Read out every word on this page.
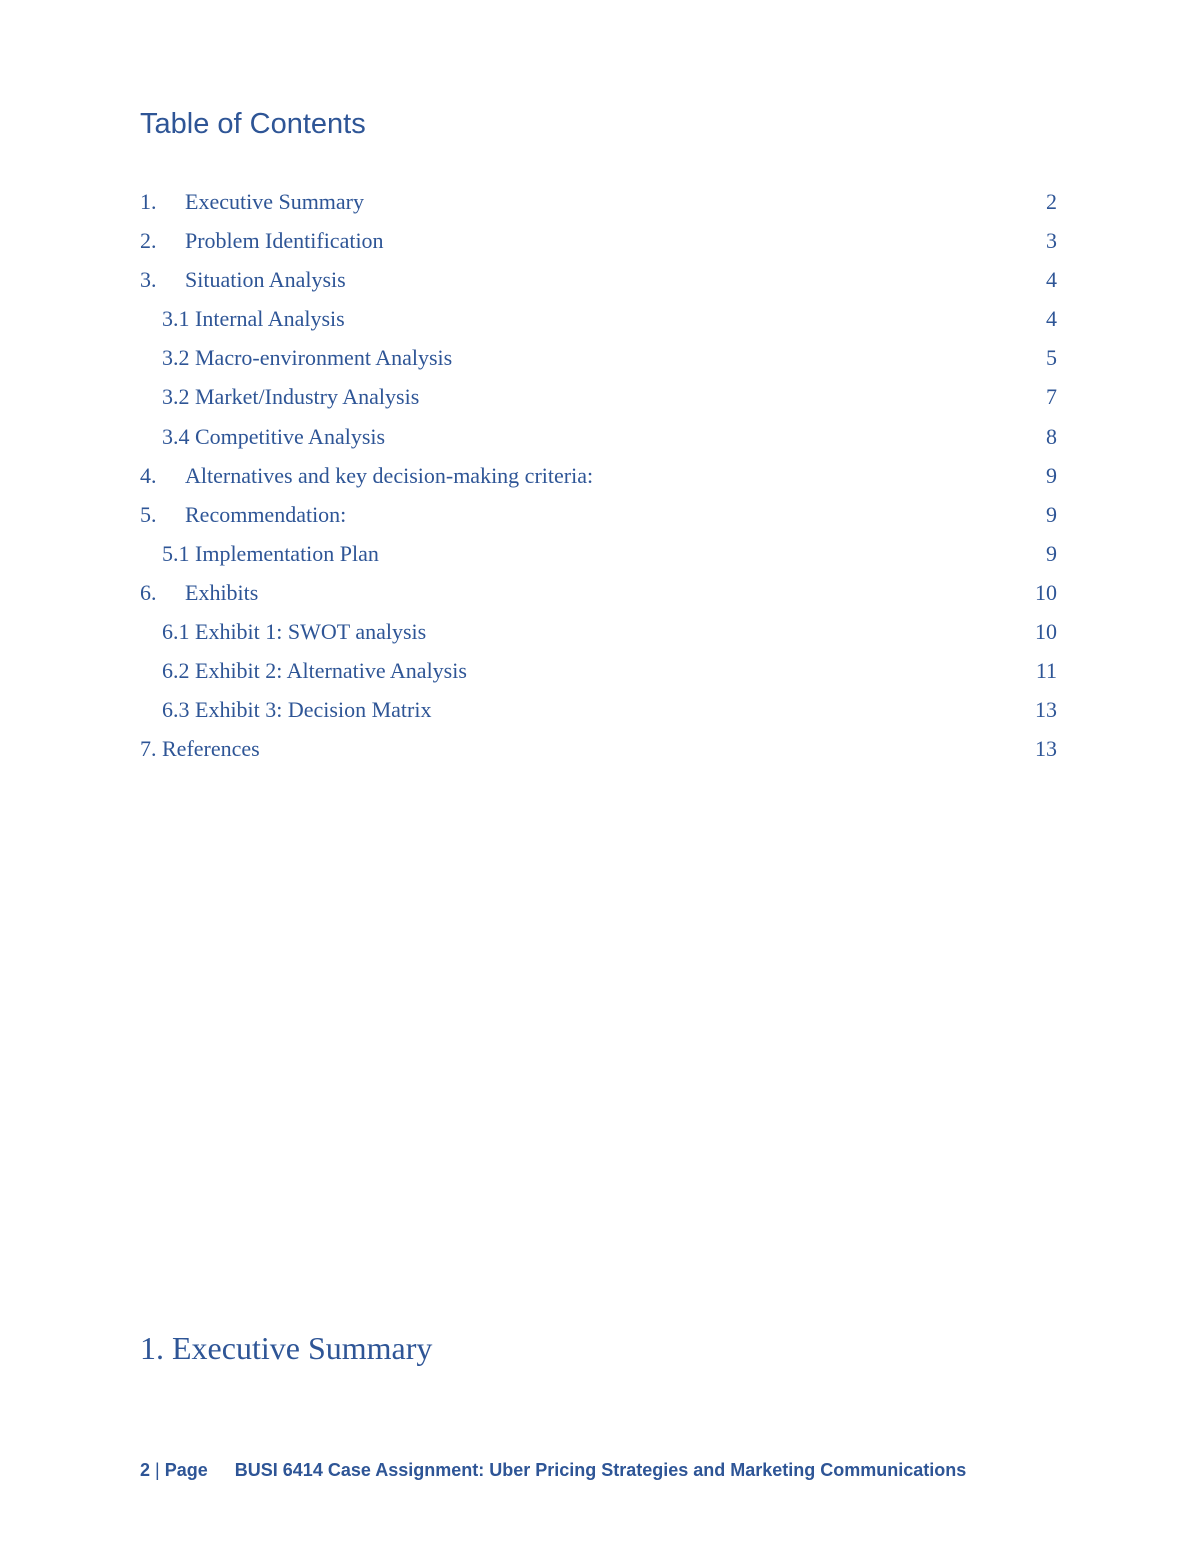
Table of Contents
1. Executive Summary	2
2. Problem Identification	3
3. Situation Analysis	4
3.1 Internal Analysis	4
3.2 Macro-environment Analysis	5
3.2 Market/Industry Analysis	7
3.4 Competitive Analysis	8
4. Alternatives and key decision-making criteria:	9
5. Recommendation:	9
5.1 Implementation Plan	9
6. Exhibits	10
6.1 Exhibit 1: SWOT analysis	10
6.2 Exhibit 2: Alternative Analysis	11
6.3 Exhibit 3: Decision Matrix	13
7. References	13
1. Executive Summary
2 | Page BUSI 6414 Case Assignment: Uber Pricing Strategies and Marketing Communications
